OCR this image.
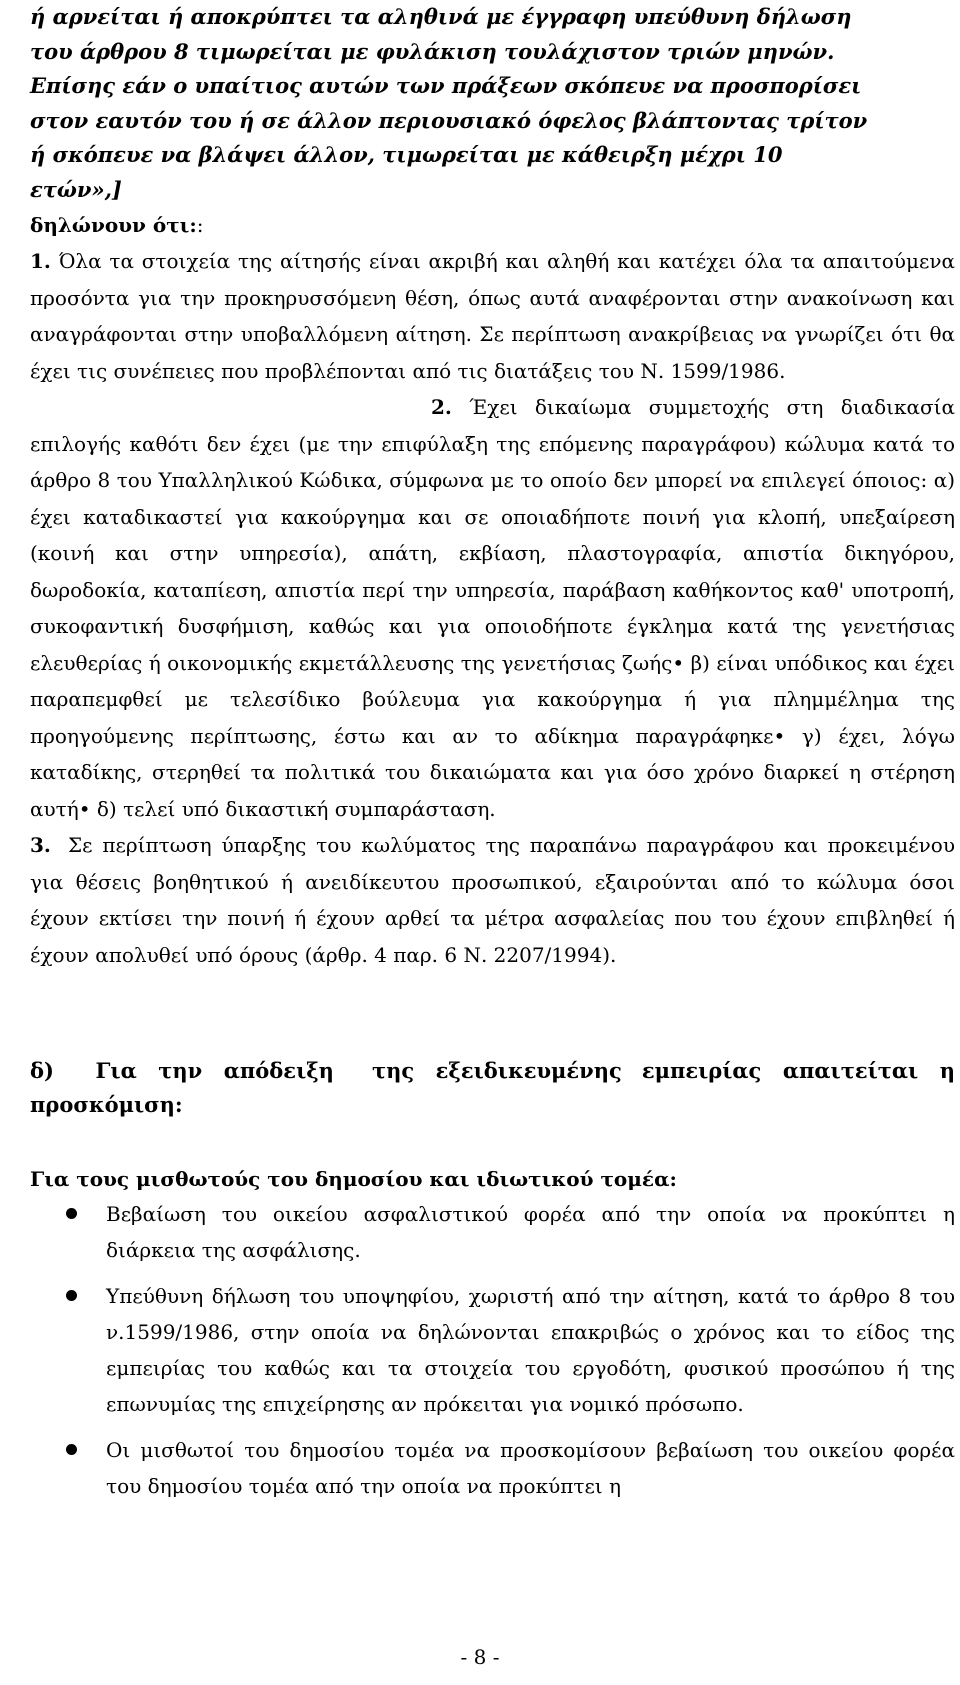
ή αρνείται ή αποκρύπτει τα αληθινά με έγγραφη υπεύθυνη δήλωση
του άρθρου 8 τιμωρείται με φυλάκιση τουλάχιστον τριών μηνών.
Επίσης εάν ο υπαίτιος αυτών των πράξεων σκόπευε να προσπορίσει
στον εαυτόν του ή σε άλλον περιουσιακό όφελος βλάπτοντας τρίτον
ή σκόπευε να βλάψει άλλον, τιμωρείται με κάθειρξη μέχρι 10
ετών»,]

δηλώνουν ότι::

1. Όλα τα στοιχεία της αίτησής είναι ακριβή και αληθή και κατέχει όλα τα απαιτούμενα προσόντα για την προκηρυσσόμενη θέση, όπως αυτά αναφέρονται στην ανακοίνωση και αναγράφονται στην υποβαλλόμενη αίτηση. Σε περίπτωση ανακρίβειας να γνωρίζει ότι θα έχει τις συνέπειες που προβλέπονται από τις διατάξεις του Ν. 1599/1986.

2. Έχει δικαίωμα συμμετοχής στη διαδικασία επιλογής καθότι δεν έχει (με την επιφύλαξη της επόμενης παραγράφου) κώλυμα κατά το άρθρο 8 του Υπαλληλικού Κώδικα, σύμφωνα με το οποίο δεν μπορεί να επιλεγεί όποιος: α) έχει καταδικαστεί για κακούργημα και σε οποιαδήποτε ποινή για κλοπή, υπεξαίρεση (κοινή και στην υπηρεσία), απάτη, εκβίαση, πλαστογραφία, απιστία δικηγόρου, δωροδοκία, καταπίεση, απιστία περί την υπηρεσία, παράβαση καθήκοντος καθ' υποτροπή, συκοφαντική δυσφήμιση, καθώς και για οποιοδήποτε έγκλημα κατά της γενετήσιας ελευθερίας ή οικονομικής εκμετάλλευσης της γενετήσιας ζωής• β) είναι υπόδικος και έχει παραπεμφθεί με τελεσίδικο βούλευμα για κακούργημα ή για πλημμέλημα της προηγούμενης περίπτωσης, έστω και αν το αδίκημα παραγράφηκε• γ) έχει, λόγω καταδίκης, στερηθεί τα πολιτικά του δικαιώματα και για όσο χρόνο διαρκεί η στέρηση αυτή• δ) τελεί υπό δικαστική συμπαράσταση.

3. Σε περίπτωση ύπαρξης του κωλύματος της παραπάνω παραγράφου και προκειμένου για θέσεις βοηθητικού ή ανειδίκευτου προσωπικού, εξαιρούνται από το κώλυμα όσοι έχουν εκτίσει την ποινή ή έχουν αρθεί τα μέτρα ασφαλείας που του έχουν επιβληθεί ή έχουν απολυθεί υπό όρους (άρθρ. 4 παρ. 6 Ν. 2207/1994).

δ) Για την απόδειξη της εξειδικευμένης εμπειρίας απαιτείται η προσκόμιση:

Για τους μισθωτούς του δημοσίου και ιδιωτικού τομέα:

Βεβαίωση του οικείου ασφαλιστικού φορέα από την οποία να προκύπτει η διάρκεια της ασφάλισης.
Υπεύθυνη δήλωση του υποψηφίου, χωριστή από την αίτηση, κατά το άρθρο 8 του ν.1599/1986, στην οποία να δηλώνονται επακριβώς ο χρόνος και το είδος της εμπειρίας του καθώς και τα στοιχεία του εργοδότη, φυσικού προσώπου ή της επωνυμίας της επιχείρησης αν πρόκειται για νομικό πρόσωπο.
Οι μισθωτοί του δημοσίου τομέα να προσκομίσουν βεβαίωση του οικείου φορέα του δημοσίου τομέα από την οποία να προκύπτει η

- 8 -
